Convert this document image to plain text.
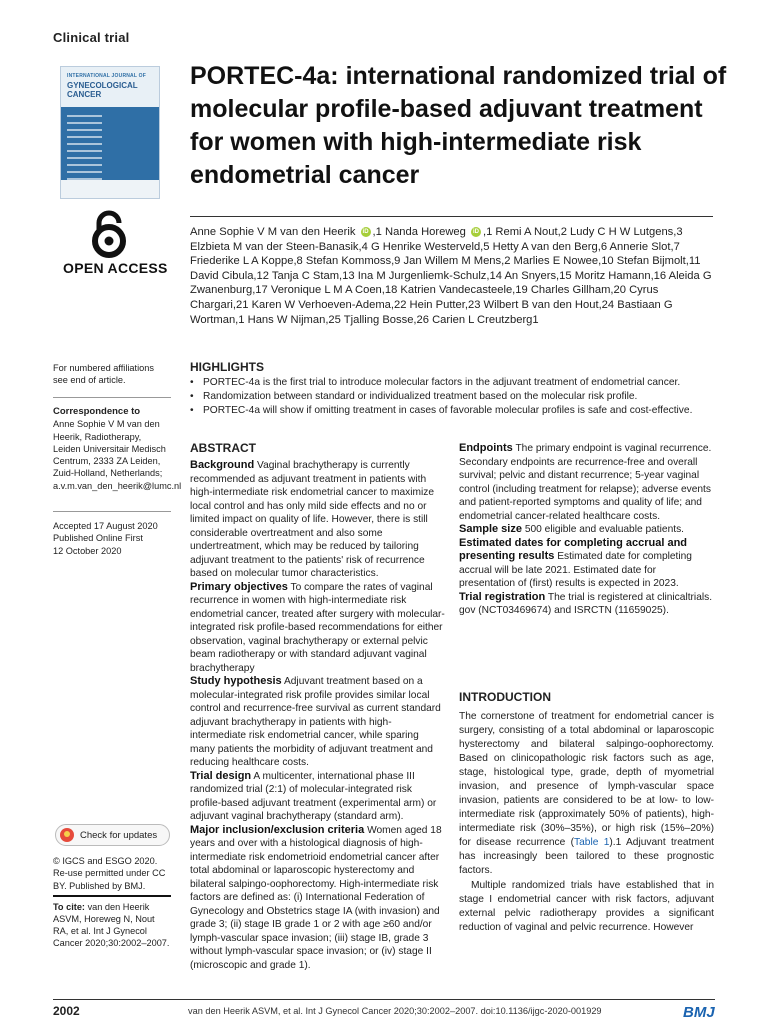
Clinical trial
INTERNATIONAL JOURNAL OF
GYNECOLOGICAL CANCER
OPEN ACCESS
PORTEC-4a: international randomized trial of molecular profile-based adjuvant treatment for women with high-intermediate risk endometrial cancer
Anne Sophie V M van den Heerik iD ,1 Nanda Horeweg iD ,1 Remi A Nout,2 Ludy C H W Lutgens,3 Elzbieta M van der Steen-Banasik,4 G Henrike Westerveld,5 Hetty A van den Berg,6 Annerie Slot,7 Friederike L A Koppe,8 Stefan Kommoss,9 Jan Willem M Mens,2 Marlies E Nowee,10 Stefan Bijmolt,11 David Cibula,12 Tanja C Stam,13 Ina M Jurgenliemk-Schulz,14 An Snyers,15 Moritz Hamann,16 Aleida G Zwanenburg,17 Veronique L M A Coen,18 Katrien Vandecasteele,19 Charles Gillham,20 Cyrus Chargari,21 Karen W Verhoeven-Ademа,22 Hein Putter,23 Wilbert B van den Hout,24 Bastiaan G Wortman,1 Hans W Nijman,25 Tjalling Bosse,26 Carien L Creutzberg1
For numbered affiliations see end of article.
Correspondence to
Anne Sophie V M van den Heerik, Radiotherapy, Leiden Universitair Medisch Centrum, 2333 ZA Leiden, Zuid-Holland, Netherlands; a.v.m.van_den_heerik@lumc.nl
Accepted 17 August 2020
Published Online First
12 October 2020
Check for updates
© IGCS and ESGO 2020. Re-use permitted under CC BY. Published by BMJ.
To cite: van den Heerik ASVM, Horeweg N, Nout RA, et al. Int J Gynecol Cancer 2020;30:2002–2007.
HIGHLIGHTS
• PORTEC-4a is the first trial to introduce molecular factors in the adjuvant treatment of endometrial cancer.
• Randomization between standard or individualized treatment based on the molecular risk profile.
• PORTEC-4a will show if omitting treatment in cases of favorable molecular profiles is safe and cost-effective.
ABSTRACT

Background Vaginal brachytherapy is currently recommended as adjuvant treatment in patients with high-intermediate risk endometrial cancer to maximize local control and has only mild side effects and no or limited impact on quality of life. However, there is still considerable overtreatment and also some undertreatment, which may be reduced by tailoring adjuvant treatment to the patients' risk of recurrence based on molecular tumor characteristics.

Primary objectives To compare the rates of vaginal recurrence in women with high-intermediate risk endometrial cancer, treated after surgery with molecular-integrated risk profile-based recommendations for either observation, vaginal brachytherapy or external pelvic beam radiotherapy or with standard adjuvant vaginal brachytherapy

Study hypothesis Adjuvant treatment based on a molecular-integrated risk profile provides similar local control and recurrence-free survival as current standard adjuvant brachytherapy in patients with high-intermediate risk endometrial cancer, while sparing many patients the morbidity of adjuvant treatment and reducing healthcare costs.

Trial design A multicenter, international phase III randomized trial (2:1) of molecular-integrated risk profile-based adjuvant treatment (experimental arm) or adjuvant vaginal brachytherapy (standard arm).

Major inclusion/exclusion criteria Women aged 18 years and over with a histological diagnosis of high-intermediate risk endometrioid endometrial cancer after total abdominal or laparoscopic hysterectomy and bilateral salpingo-oophorectomy. High-intermediate risk factors are defined as: (i) International Federation of Gynecology and Obstetrics stage IA (with invasion) and grade 3; (ii) stage IB grade 1 or 2 with age ≥60 and/or lymph-vascular space invasion; (iii) stage IB, grade 3 without lymph-vascular space invasion; or (iv) stage II (microscopic and grade 1).

Endpoints The primary endpoint is vaginal recurrence. Secondary endpoints are recurrence-free and overall survival; pelvic and distant recurrence; 5-year vaginal control (including treatment for relapse); adverse events and patient-reported symptoms and quality of life; and endometrial cancer-related healthcare costs.

Sample size 500 eligible and evaluable patients.

Estimated dates for completing accrual and presenting results Estimated date for completing accrual will be late 2021. Estimated date for presentation of (first) results is expected in 2023.

Trial registration The trial is registered at clinicaltrials. gov (NCT03469674) and ISRCTN (11659025).

INTRODUCTION

The cornerstone of treatment for endometrial cancer is surgery, consisting of a total abdominal or laparoscopic hysterectomy and bilateral salpingo-oophorectomy. Based on clinicopathologic risk factors such as age, stage, histological type, grade, depth of myometrial invasion, and presence of lymph-vascular space invasion, patients are considered to be at low- to low-intermediate risk (approximately 50% of patients), high-intermediate risk (30%–35%), or high risk (15%–20%) for disease recurrence (Table 1).1 Adjuvant treatment has increasingly been tailored to these prognostic factors.

Multiple randomized trials have established that in stage I endometrial cancer with risk factors, adjuvant external pelvic radiotherapy provides a significant reduction of vaginal and pelvic recurrence. However

2002	van den Heerik ASVM, et al. Int J Gynecol Cancer 2020;30:2002–2007. doi:10.1136/ijgc-2020-001929	BMJ
